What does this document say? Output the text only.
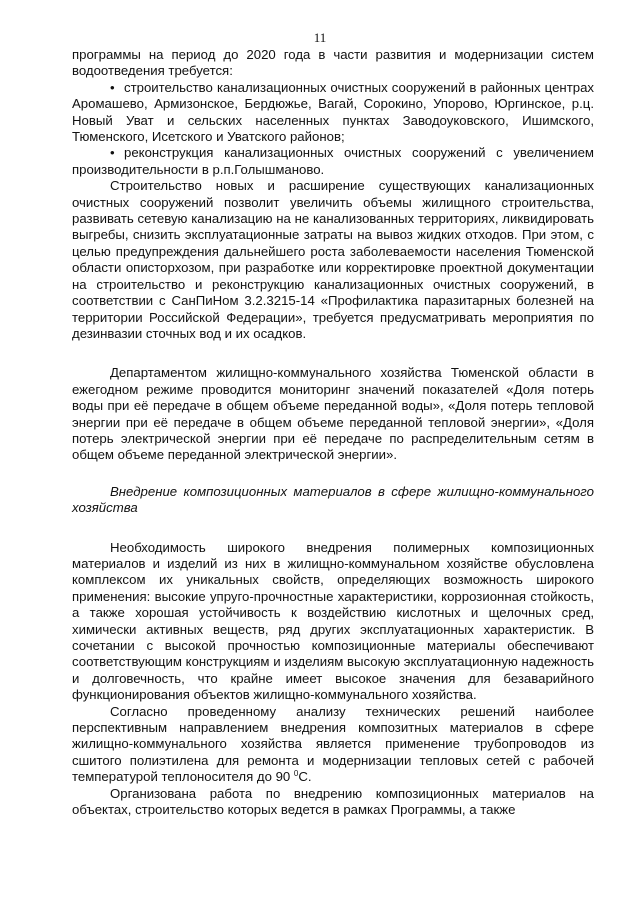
11

программы на период до 2020 года в части развития и модернизации систем водоотведения требуется:

• строительство канализационных очистных сооружений в районных центрах Аромашево, Армизонское, Бердюжье, Вагай, Сорокино, Упорово, Юргинское, р.ц. Новый Уват и сельских населенных пунктах Заводоуковского, Ишимского, Тюменского, Исетского и Уватского районов;

• реконструкция канализационных очистных сооружений с увеличением производительности в р.п.Голышманово.

Строительство новых и расширение существующих канализационных очистных сооружений позволит увеличить объемы жилищного строительства, развивать сетевую канализацию на не канализованных территориях, ликвидировать выгребы, снизить эксплуатационные затраты на вывоз жидких отходов. При этом, с целью предупреждения дальнейшего роста заболеваемости населения Тюменской области описторхозом, при разработке или корректировке проектной документации на строительство и реконструкцию канализационных очистных сооружений, в соответствии с СанПиНом 3.2.3215-14 «Профилактика паразитарных болезней на территории Российской Федерации», требуется предусматривать мероприятия по дезинвазии сточных вод и их осадков.

Департаментом жилищно-коммунального хозяйства Тюменской области в ежегодном режиме проводится мониторинг значений показателей «Доля потерь воды при её передаче в общем объеме переданной воды», «Доля потерь тепловой энергии при её передаче в общем объеме переданной тепловой энергии», «Доля потерь электрической энергии при её передаче по распределительным сетям в общем объеме переданной электрической энергии».

Внедрение композиционных материалов в сфере жилищно-коммунального хозяйства

Необходимость широкого внедрения полимерных композиционных материалов и изделий из них в жилищно-коммунальном хозяйстве обусловлена комплексом их уникальных свойств, определяющих возможность широкого применения: высокие упруго-прочностные характеристики, коррозионная стойкость, а также хорошая устойчивость к воздействию кислотных и щелочных сред, химически активных веществ, ряд других эксплуатационных характеристик. В сочетании с высокой прочностью композиционные материалы обеспечивают соответствующим конструкциям и изделиям высокую эксплуатационную надежность и долговечность, что крайне имеет высокое значения для безаварийного функционирования объектов жилищно-коммунального хозяйства.

Согласно проведенному анализу технических решений наиболее перспективным направлением внедрения композитных материалов в сфере жилищно-коммунального хозяйства является применение трубопроводов из сшитого полиэтилена для ремонта и модернизации тепловых сетей с рабочей температурой теплоносителя до 90 $^0$С.

Организована работа по внедрению композиционных материалов на объектах, строительство которых ведется в рамках Программы, а также
